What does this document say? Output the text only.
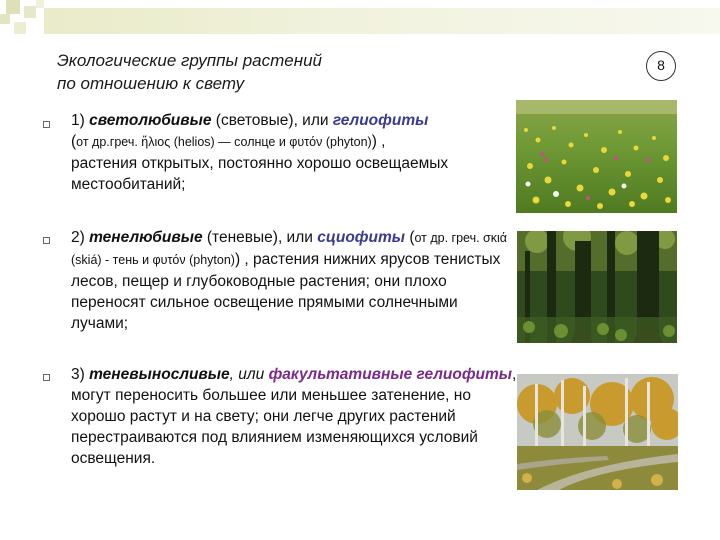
Экологические группы растений
по отношению к свету
8
1) светолюбивые (световые), или гелиофиты
(от др.греч. ἥλιος (helios) — солнце и φυτόν (phyton)) ,
растения открытых, постоянно хорошо освещаемых местообитаний;
2) тенелюбивые (теневые), или сциофиты (от др. греч. σκιά (skiá) - тень и φυτόν (phyton)) , растения нижних ярусов тенистых лесов, пещер и глубоководные растения; они плохо переносят сильное освещение прямыми солнечными лучами;
3) теневыносливые, или факультативные гелиофиты, могут переносить большее или меньшее затенение, но хорошо растут и на свету; они легче других растений перестраиваются под влиянием изменяющихся условий освещения.
